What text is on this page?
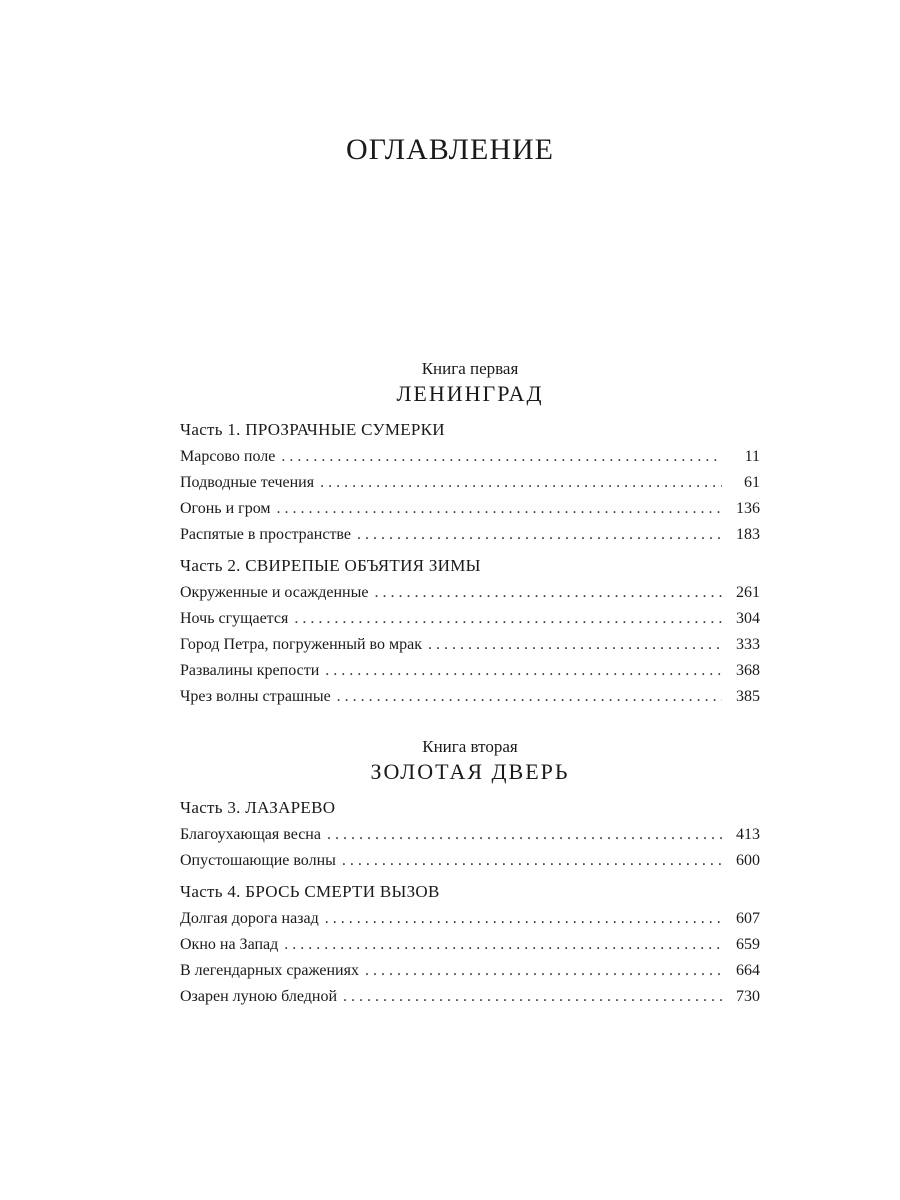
ОГЛАВЛЕНИЕ
Книга первая
ЛЕНИНГРАД
Часть 1. ПРОЗРАЧНЫЕ СУМЕРКИ
Марсово поле . . .	11
Подводные течения . . .	61
Огонь и гром . . .	136
Распятые в пространстве . . .	183
Часть 2. СВИРЕПЫЕ ОБЪЯТИЯ ЗИМЫ
Окруженные и осажденные . . .	261
Ночь сгущается . . .	304
Город Петра, погруженный во мрак . . .	333
Развалины крепости . . .	368
Чрез волны страшные . . .	385
Книга вторая
ЗОЛОТАЯ ДВЕРЬ
Часть 3. ЛАЗАРЕВО
Благоухающая весна . . .	413
Опустошающие волны . . .	600
Часть 4. БРОСЬ СМЕРТИ ВЫЗОВ
Долгая дорога назад . . .	607
Окно на Запад . . .	659
В легендарных сражениях . . .	664
Озарен луною бледной . . .	730
